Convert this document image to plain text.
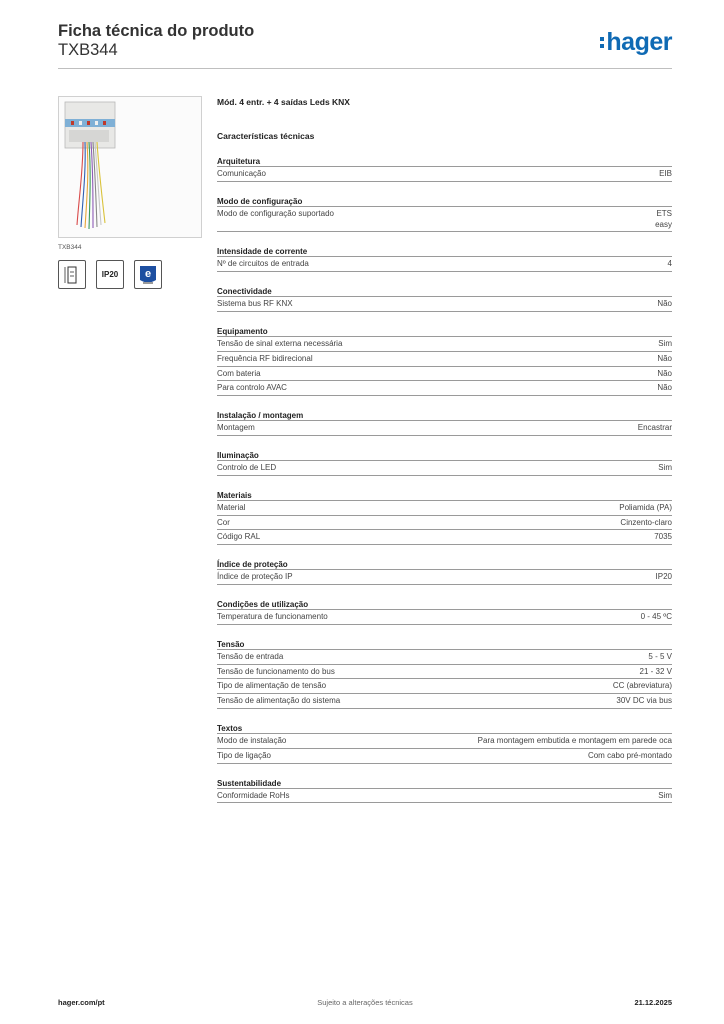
Ficha técnica do produto
TXB344	hager
TXB344
IP20 e
Mód. 4 entr. + 4 saídas Leds KNX
Características técnicas
Arquitetura
Comunicação	EIB
Modo de configuração
Modo de configuração suportado	ETS
easy
Intensidade de corrente
Nº de circuitos de entrada	4
Conectividade
Sistema bus RF KNX	Não
Equipamento
Tensão de sinal externa necessária	Sim
Frequência RF bidirecional	Não
Com bateria	Não
Para controlo AVAC	Não
Instalação / montagem
Montagem	Encastrar
Iluminação
Controlo de LED	Sim
Materiais
Material	Poliamida (PA)
Cor	Cinzento-claro
Código RAL	7035
Índice de proteção
Índice de proteção IP	IP20
Condições de utilização
Temperatura de funcionamento	0 - 45 ºC
Tensão
Tensão de entrada	5 - 5 V
Tensão de funcionamento do bus	21 - 32 V
Tipo de alimentação de tensão	CC (abreviatura)
Tensão de alimentação do sistema	30V DC via bus
Textos
Modo de instalação	Para montagem embutida e montagem em parede oca
Tipo de ligação	Com cabo pré-montado
Sustentabilidade
Conformidade RoHs	Sim
hager.com/pt	Sujeito a alterações técnicas	21.12.2025
